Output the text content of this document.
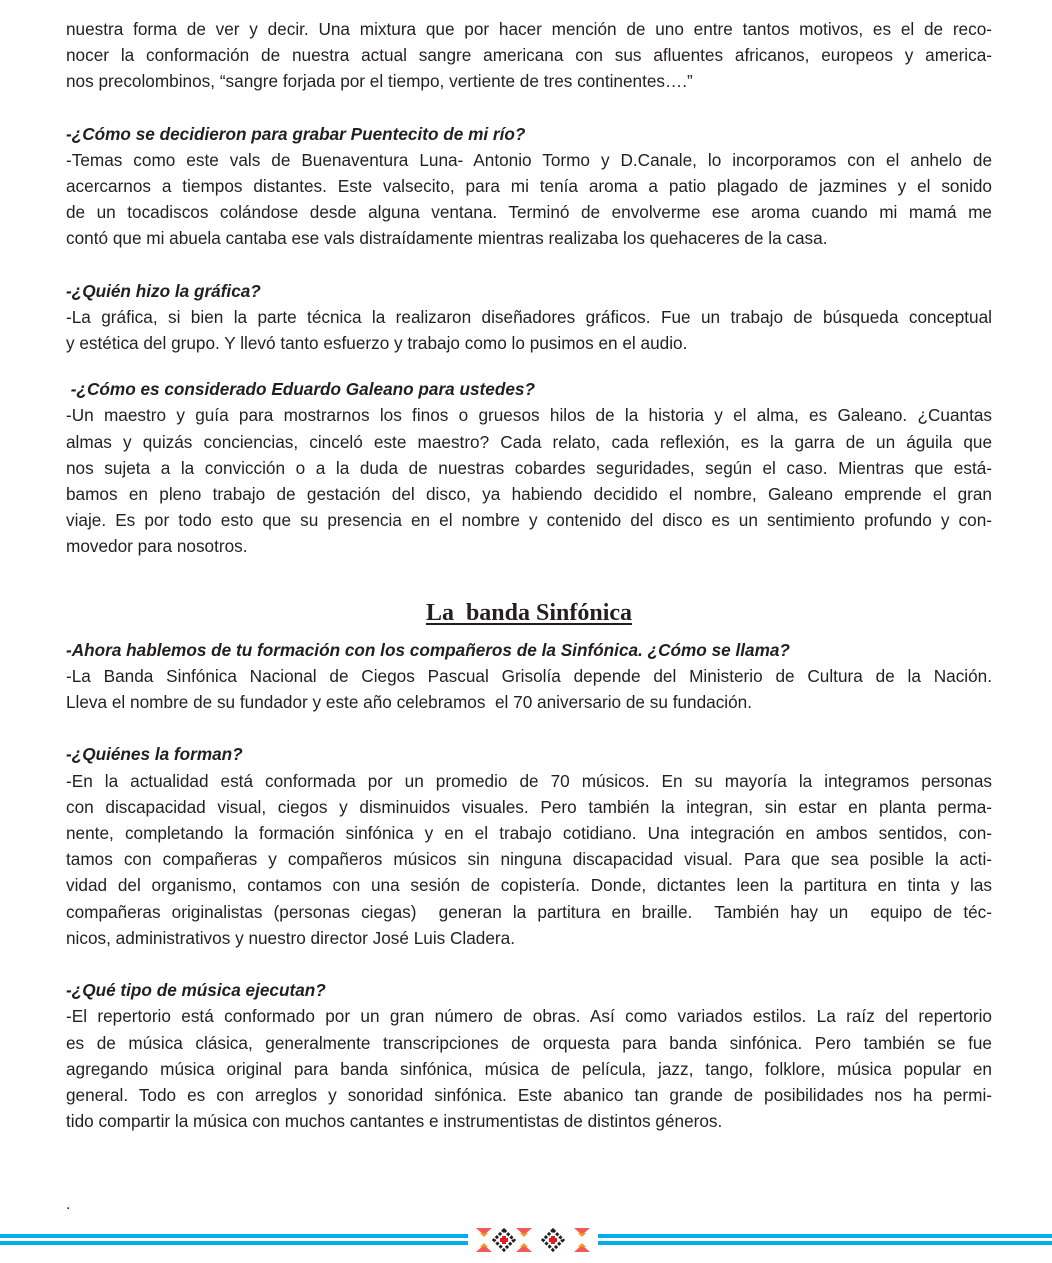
nuestra forma de ver y decir. Una mixtura que por hacer mención de uno entre tantos motivos, es el de reco-
nocer la conformación de nuestra actual sangre americana con sus afluentes africanos, europeos y america-
nos precolombinos, “sangre forjada por el tiempo, vertiente de tres continentes….”
-¿Cómo se decidieron para grabar Puentecito de mi río?
-Temas como este vals de Buenaventura Luna- Antonio Tormo y D.Canale, lo incorporamos con el anhelo de
acercarnos a tiempos distantes. Este valsecito, para mi tenía aroma a patio plagado de jazmines y el sonido
de un tocadiscos colándose desde alguna ventana. Terminó de envolverme ese aroma cuando mi mamá me
contó que mi abuela cantaba ese vals distraídamente mientras realizaba los quehaceres de la casa.
-¿Quién hizo la gráfica?
-La gráfica, si bien la parte técnica la realizaron diseñadores gráficos. Fue un trabajo de búsqueda conceptual
y estética del grupo. Y llevó tanto esfuerzo y trabajo como lo pusimos en el audio.
-¿Cómo es considerado Eduardo Galeano para ustedes?
-Un maestro y guía para mostrarnos los finos o gruesos hilos de la historia y el alma, es Galeano. ¿Cuantas
almas y quizás conciencias, cinceló este maestro? Cada relato, cada reflexión, es la garra de un águila que
nos sujeta a la convicción o a la duda de nuestras cobardes seguridades, según el caso. Mientras que está-
bamos en pleno trabajo de gestación del disco, ya habiendo decidido el nombre, Galeano emprende el gran
viaje. Es por todo esto que su presencia en el nombre y contenido del disco es un sentimiento profundo y con-
movedor para nosotros.
La  banda Sinfónica
-Ahora hablemos de tu formación con los compañeros de la Sinfónica. ¿Cómo se llama?
-La Banda Sinfónica Nacional de Ciegos Pascual Grisolía depende del Ministerio de Cultura de la Nación.
Lleva el nombre de su fundador y este año celebramos  el 70 aniversario de su fundación.
-¿Quiénes la forman?
-En la actualidad está conformada por un promedio de 70 músicos. En su mayoría la integramos personas
con discapacidad visual, ciegos y disminuidos visuales. Pero también la integran, sin estar en planta perma-
nente, completando la formación sinfónica y en el trabajo cotidiano. Una integración en ambos sentidos, con-
tamos con compañeras y compañeros músicos sin ninguna discapacidad visual. Para que sea posible la acti-
vidad del organismo, contamos con una sesión de copistería. Donde, dictantes leen la partitura en tinta y las
compañeras originalistas (personas ciegas)  generan la partitura en braille.  También hay un  equipo de téc-
nicos, administrativos y nuestro director José Luis Cladera.
-¿Qué tipo de música ejecutan?
-El repertorio está conformado por un gran número de obras. Así como variados estilos. La raíz del repertorio
es de música clásica, generalmente transcripciones de orquesta para banda sinfónica. Pero también se fue
agregando música original para banda sinfónica, música de película, jazz, tango, folklore, música popular en
general. Todo es con arreglos y sonoridad sinfónica. Este abanico tan grande de posibilidades nos ha permi-
tido compartir la música con muchos cantantes e instrumentistas de distintos géneros.
.
